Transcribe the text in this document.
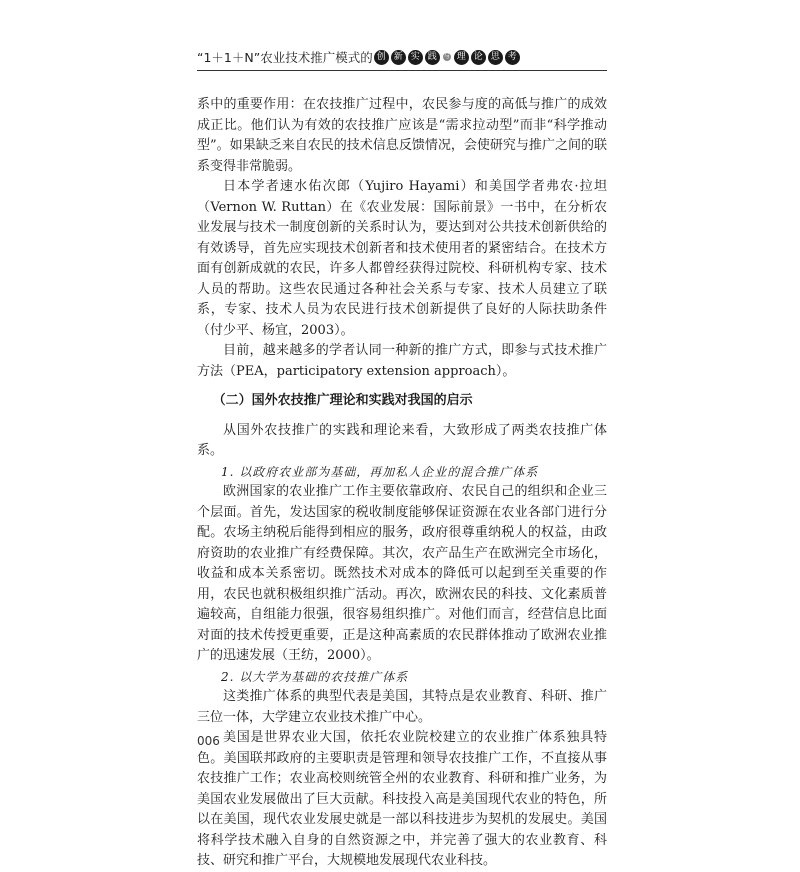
“1＋1＋N”农业技术推广模式的 创 新 实 践	与 理 论 思 考

系中的重要作用：在农技推广过程中，农民参与度的高低与推广的成效成正比。他们认为有效的农技推广应该是“需求拉动型”而非“科学推动型”。如果缺乏来自农民的技术信息反馈情况，会使研究与推广之间的联系变得非常脆弱。

日本学者速水佑次郎（Yujiro Hayami）和美国学者弗农·拉坦（Vernon W. Ruttan）在《农业发展：国际前景》一书中，在分析农业发展与技术一制度创新的关系时认为，要达到对公共技术创新供给的有效诱导，首先应实现技术创新者和技术使用者的紧密结合。在技术方面有创新成就的农民，许多人都曾经获得过院校、科研机构专家、技术人员的帮助。这些农民通过各种社会关系与专家、技术人员建立了联系，专家、技术人员为农民进行技术创新提供了良好的人际扶助条件（付少平、杨宜，2003）。

目前，越来越多的学者认同一种新的推广方式，即参与式技术推广方法（PEA，participatory extension approach）。

（二）国外农技推广理论和实践对我国的启示

从国外农技推广的实践和理论来看，大致形成了两类农技推广体系。

1. 以政府农业部为基础，再加私人企业的混合推广体系

欧洲国家的农业推广工作主要依靠政府、农民自己的组织和企业三个层面。首先，发达国家的税收制度能够保证资源在农业各部门进行分配。农场主纳税后能得到相应的服务，政府很尊重纳税人的权益，由政府资助的农业推广有经费保障。其次，农产品生产在欧洲完全市场化，收益和成本关系密切。既然技术对成本的降低可以起到至关重要的作用，农民也就积极组织推广活动。再次，欧洲农民的科技、文化素质普遍较高，自组能力很强，很容易组织推广。对他们而言，经营信息比面对面的技术传授更重要，正是这种高素质的农民群体推动了欧洲农业推广的迅速发展（王纺，2000）。

2. 以大学为基础的农技推广体系

这类推广体系的典型代表是美国，其特点是农业教育、科研、推广三位一体，大学建立农业技术推广中心。

美国是世界农业大国，依托农业院校建立的农业推广体系独具特色。美国联邦政府的主要职责是管理和领导农技推广工作，不直接从事农技推广工作；农业高校则统管全州的农业教育、科研和推广业务，为美国农业发展做出了巨大贡献。科技投入高是美国现代农业的特色，所以在美国，现代农业发展史就是一部以科技进步为契机的发展史。美国将科学技术融入自身的自然资源之中，并完善了强大的农业教育、科技、研究和推广平台，大规模地发展现代农业科技。

006
